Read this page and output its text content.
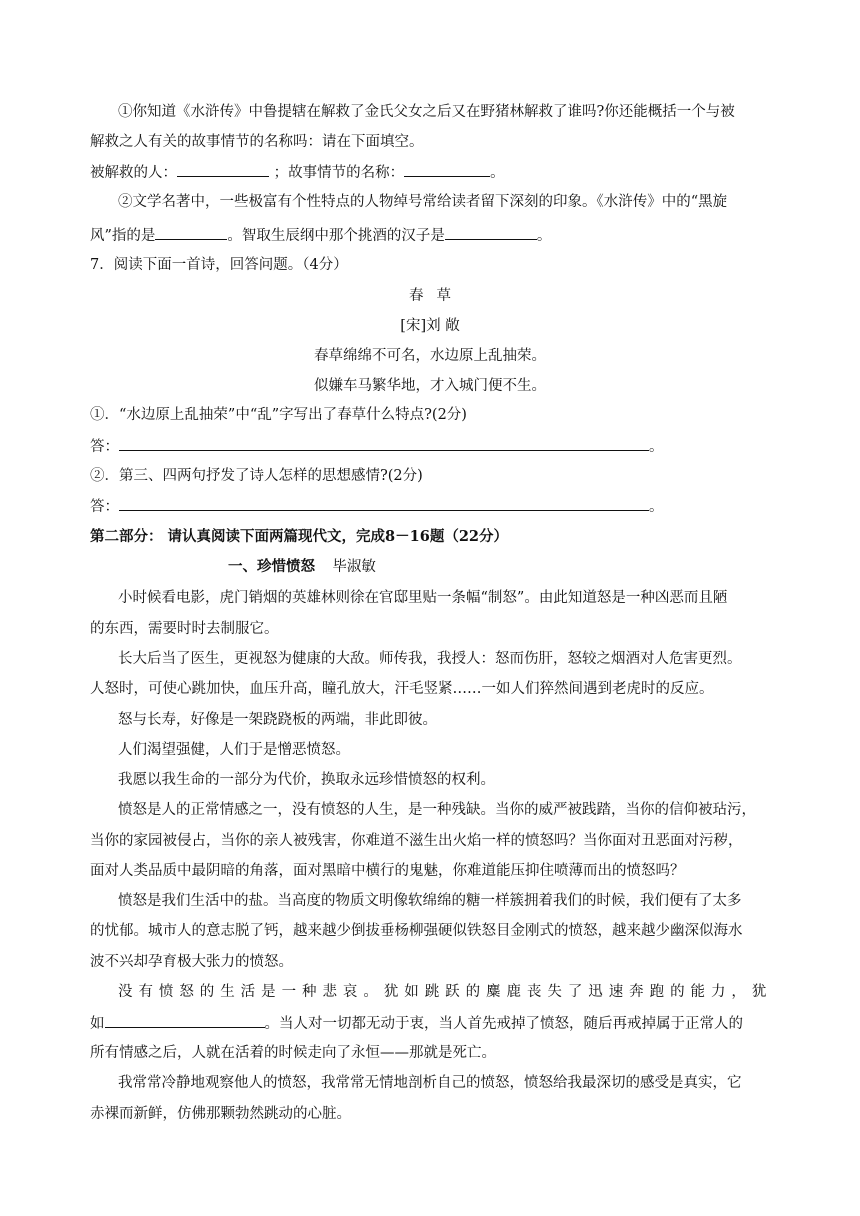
①你知道《水浒传》中鲁提辖在解救了金氏父女之后又在野猪林解救了谁吗?你还能概括一个与被
解救之人有关的故事情节的名称吗：请在下面填空。
被解救的人：	；故事情节的名称：	。
②文学名著中，一些极富有个性特点的人物绰号常给读者留下深刻的印象。《水浒传》中的“黑旋
风”指的是	。智取生辰纲中那个挑酒的汉子是	。
7．阅读下面一首诗，回答问题。（4分）
春草
[宋]刘 敞
春草绵绵不可名，水边原上乱抽荣。
似嫌车马繁华地，才入城门便不生。
①．“水边原上乱抽荣”中“乱”字写出了春草什么特点?(2分)
答：	。
②．第三、四两句抒发了诗人怎样的思想感情?(2分)
答：	。
第二部分： 请认真阅读下面两篇现代文，完成8－16题（22分）
一、珍惜愤怒 毕淑敏
小时候看电影，虎门销烟的英雄林则徐在官邸里贴一条幅“制怒”。由此知道怒是一种凶恶而且陋
的东西，需要时时去制服它。
长大后当了医生，更视怒为健康的大敌。师传我，我授人：怒而伤肝，怒较之烟酒对人危害更烈。
人怒时，可使心跳加快，血压升高，瞳孔放大，汗毛竖紧……一如人们猝然间遇到老虎时的反应。
怒与长寿，好像是一架跷跷板的两端，非此即彼。
人们渴望强健，人们于是憎恶愤怒。
我愿以我生命的一部分为代价，换取永远珍惜愤怒的权利。
愤怒是人的正常情感之一，没有愤怒的人生，是一种残缺。当你的威严被践踏，当你的信仰被玷污，
当你的家园被侵占，当你的亲人被残害，你难道不滋生出火焰一样的愤怒吗？当你面对丑恶面对污秽，
面对人类品质中最阴暗的角落，面对黑暗中横行的鬼魅，你难道能压抑住喷薄而出的愤怒吗？
愤怒是我们生活中的盐。当高度的物质文明像软绵绵的糖一样簇拥着我们的时候，我们便有了太多
的忧郁。城市人的意志脱了钙，越来越少倒拔垂杨柳强硬似铁怒目金刚式的愤怒，越来越少幽深似海水
波不兴却孕育极大张力的愤怒。
没有愤怒的生活是一种悲哀。犹如跳跃的麋鹿丧失了迅速奔跑的能力，犹
如	。当人对一切都无动于衷，当人首先戒掉了愤怒，随后再戒掉属于正常人的
所有情感之后，人就在活着的时候走向了永恒——那就是死亡。
我常常冷静地观察他人的愤怒，我常常无情地剖析自己的愤怒，愤怒给我最深切的感受是真实，它
赤裸而新鲜，仿佛那颗勃然跳动的心脏。
